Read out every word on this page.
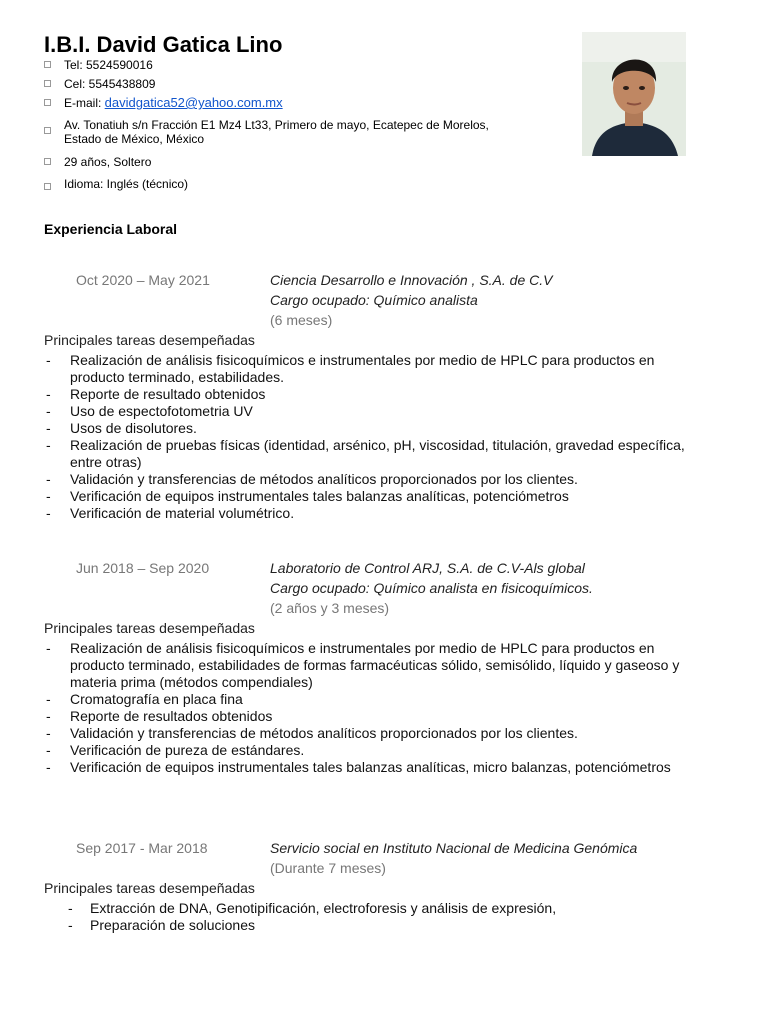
I.B.I. David Gatica Lino
Tel: 5524590016
Cel: 5545438809
E-mail: davidgatica52@yahoo.com.mx
Av. Tonatiuh s/n Fracción E1 Mz4 Lt33, Primero de mayo, Ecatepec de Morelos, Estado de México, México
29 años, Soltero
Idioma: Inglés (técnico)
Experiencia Laboral
Oct 2020 – May 2021	Ciencia Desarrollo e Innovación , S.A. de C.V
Cargo ocupado: Químico analista
(6 meses)
Principales tareas desempeñadas
- Realización de análisis fisicoquímicos e instrumentales por medio de HPLC para productos en producto terminado, estabilidades.
- Reporte de resultado obtenidos
- Uso de espectofotometria UV
- Usos de disolutores.
- Realización de pruebas físicas (identidad, arsénico, pH, viscosidad, titulación, gravedad específica, entre otras)
- Validación y transferencias de métodos analíticos proporcionados por los clientes.
- Verificación de equipos instrumentales tales balanzas analíticas, potenciómetros
- Verificación de material volumétrico.
Jun 2018 – Sep 2020	Laboratorio de Control ARJ, S.A. de C.V-Als global
Cargo ocupado: Químico analista en fisicoquímicos.
(2 años y 3 meses)
Principales tareas desempeñadas
- Realización de análisis fisicoquímicos e instrumentales por medio de HPLC para productos en producto terminado, estabilidades de formas farmacéuticas sólido, semisólido, líquido y gaseoso y materia prima (métodos compendiales)
- Cromatografía en placa fina
- Reporte de resultados obtenidos
- Validación y transferencias de métodos analíticos proporcionados por los clientes.
- Verificación de pureza de estándares.
- Verificación de equipos instrumentales tales balanzas analíticas, micro balanzas, potenciómetros
Sep 2017 - Mar 2018	Servicio social en Instituto Nacional de Medicina Genómica
(Durante 7 meses)
Principales tareas desempeñadas
- Extracción de DNA, Genotipificación, electroforesis y análisis de expresión,
- Preparación de soluciones
